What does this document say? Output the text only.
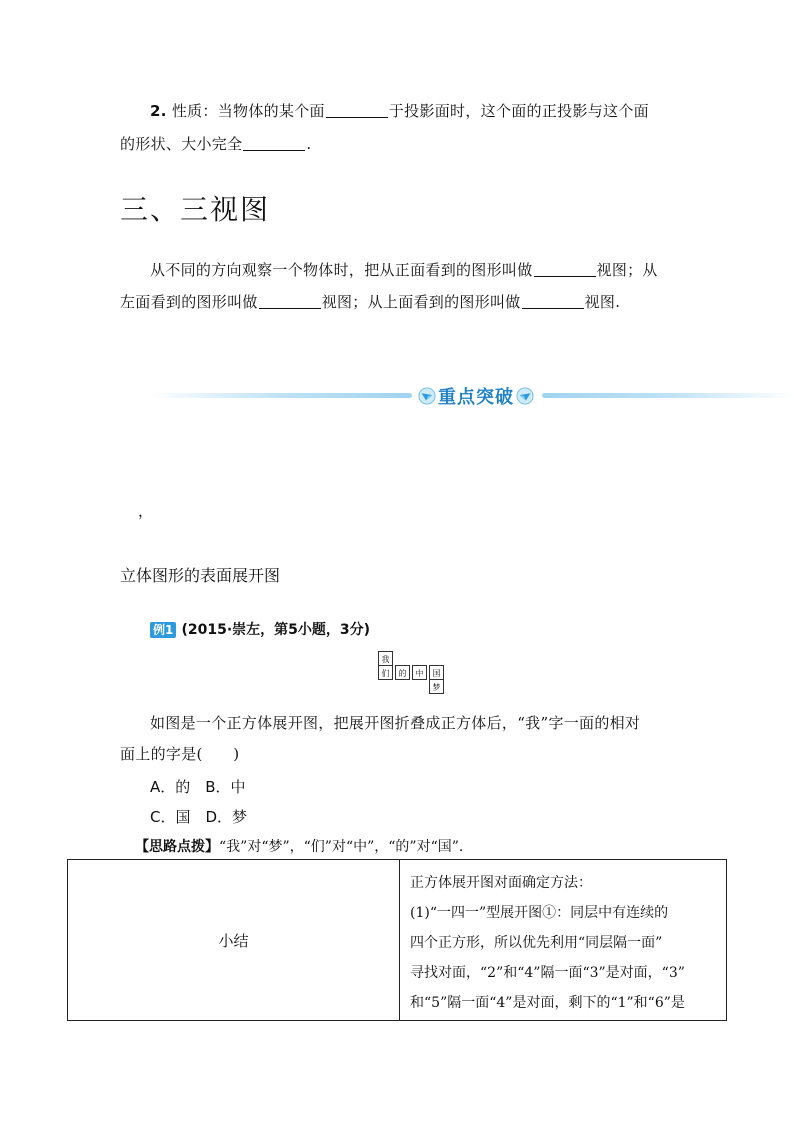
2. 性质：当物体的某个面	于投影面时，这个面的正投影与这个面
的形状、大小完全	.
三、三视图
从不同的方向观察一个物体时，把从正面看到的图形叫做	视图；从
左面看到的图形叫做	视图；从上面看到的图形叫做	视图.
重点突破
，
立体图形的表面展开图
例1 (2015·崇左，第5小题，3分)
我
们	的	中	国
梦
如图是一个正方体展开图，把展开图折叠成正方体后，“我”字一面的相对
面上的字是(　　)
A．的　B．中
C．国　D．梦
【思路点拨】“我”对“梦”，“们”对“中”，“的”对“国”.
小结	

正方体展开图对面确定方法：

(1)“一四一”型展开图①：同层中有连续的

四个正方形，所以优先利用“同层隔一面”

寻找对面，“2”和“4”隔一面“3”是对面，“3”

和“5”隔一面“4”是对面，剩下的“1”和“6”是
